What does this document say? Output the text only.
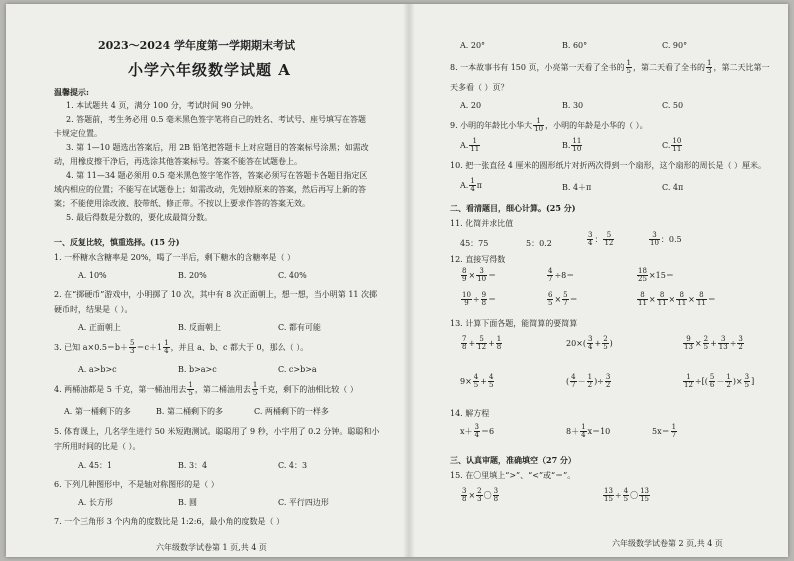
2023～2024 学年度第一学期期末考试
小学六年级数学试题 A
温馨提示:
1. 本试题共 4 页，满分 100 分，考试时间 90 分钟。
2. 答题前，考生务必用 0.5 毫米黑色签字笔将自己的姓名、考试号、座号填写在答题
卡规定位置。
3. 第 1—10 题选出答案后，用 2B 铅笔把答题卡上对应题目的答案标号涂黑；如需改
动，用橡皮擦干净后，再选涂其他答案标号。答案不能答在试题卷上。
4. 第 11—34 题必须用 0.5 毫米黑色签字笔作答，答案必须写在答题卡各题目指定区
域内相应的位置；不能写在试题卷上；如需改动，先划掉原来的答案，然后再写上新的答
案；不能使用涂改液、胶带纸、修正带。不按以上要求作答的答案无效。
5. 最后得数是分数的，要化成最简分数。
一、反复比较，慎重选择。(15 分)
1. 一杯糖水含糖率是 20%，喝了一半后，剩下糖水的含糖率是（ ）
A. 10%	B. 20%	C. 40%
2. 在“掷硬币”游戏中，小明掷了 10 次，其中有 8 次正面朝上，想一想，当小明第 11 次掷
硬币时，结果是（ ）。
A. 正面朝上	B. 反面朝上	C. 都有可能
3. 已知 $a\times 0.5=b+ \frac{5}{3} =c+1 \frac{1}{4}$ ，并且 a、b、c 都大于 0，那么（ ）。
A. a>b>c	B. b>a>c	C. c>b>a
4. 两桶油都是 5 千克，第一桶油用去 $\frac{1}{5}$ ，第二桶油用去 $\frac{1}{5}$ 千克，剩下的油相比较（ ）
A. 第一桶剩下的多	B. 第二桶剩下的多	C. 两桶剩下的一样多
5. 体育课上，几名学生进行 50 米短跑测试。聪聪用了 9 秒，小宇用了 0.2 分钟。聪聪和小
宇所用时间的比是（ ）。
A. 45：1	B. 3：4	C. 4：3
6. 下列几种图形中，不是轴对称图形的是（ ）
A. 长方形	B. 圆	C. 平行四边形
7. 一个三角形 3 个内角的度数比是 1:2:6，最小角的度数是（ ）
六年级数学试卷第 1 页,共 4 页
A. 20°	B. 60°	C. 90°
8. 一本故事书有 150 页，小亮第一天看了全书的 $\frac{1}{5}$ ，第二天看了全书的 $\frac{1}{3}$ ，第二天比第一
天多看（ ）页？
A. 20	B. 30	C. 50
9. 小明的年龄比小华大 $\frac{1}{10}$ ，小明的年龄是小华的（ ）。
A. $\frac{1}{11}$	B. $\frac{11}{10}$	C. $\frac{10}{11}$
10. 把一张直径 4 厘米的圆形纸片对折两次得到一个扇形，这个扇形的周长是（ ）厘米。
A. $\frac{1}{4}$ π	B. 4＋π	C. 4π
二、看清题目，细心计算。(25 分)
11. 化简并求比值
45：75	5：0.2	$\frac{3}{4}$ ： $\frac{5}{12}$	$\frac{3}{10}$ ：0.5
12. 直接写得数
$\frac{8}{9} \times \frac{3}{10}$ ＝	$\frac{4}{7} \div 8=$	$\frac{18}{25} \times 15=$
$\frac{10}{9} \div \frac{9}{8}$ ＝	$\frac{6}{5} \times \frac{5}{7}$ ＝	$\frac{8}{11} \times \frac{8}{11} \times \frac{8}{11} \times \frac{8}{11}$ ＝
13. 计算下面各题，能简算的要简算
$\frac{7}{8} + \frac{5}{12} + \frac{1}{8}$	$20\times( \frac{3}{4} + \frac{2}{5}$ )	$\frac{9}{13} \times \frac{2}{5} + \frac{3}{13} \div \frac{3}{2}$
$9\times \frac{4}{5} + \frac{4}{5}$	( $\frac{4}{7} - \frac{1}{2}$ )÷ $\frac{3}{2}$	$\frac{1}{12}$ ÷[( $\frac{5}{6} - \frac{1}{2}$ )× $\frac{3}{5}$ ]
14. 解方程
$x+ \frac{3}{4} =6$	$8+ \frac{1}{4} x=10$	$5x= \frac{1}{7}$
三、认真审题，准确填空（27 分）
15. 在〇里填上“>”、“<”或“＝”。
$\frac{3}{8} \times \frac{2}{3}$ 〇 $\frac{3}{8}$	$\frac{13}{15} \div \frac{4}{5}$ 〇 $\frac{13}{15}$
六年级数学试卷第 2 页,共 4 页
